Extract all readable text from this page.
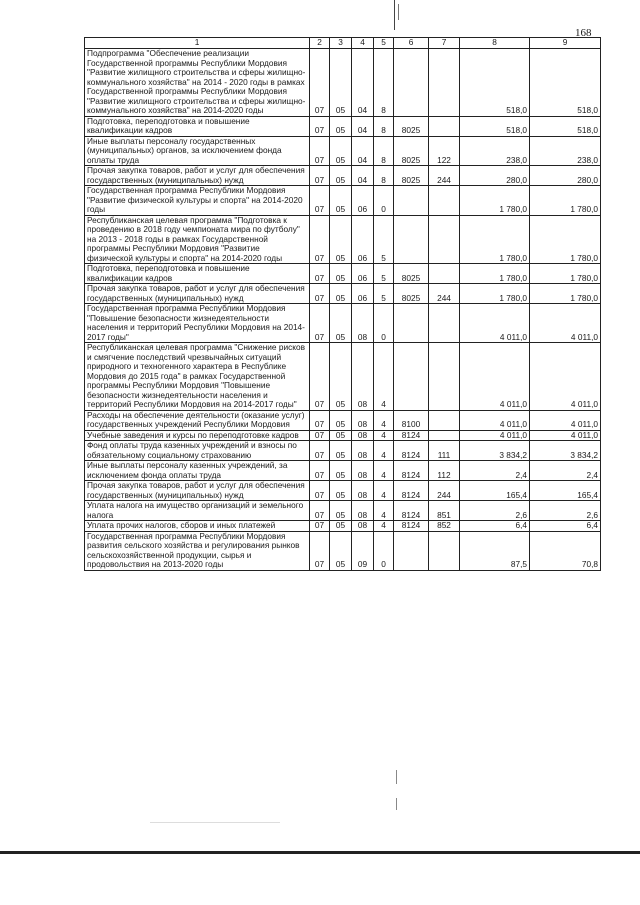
168
1	2	3	4	5	6	7	8	9
Подпрограмма "Обеспечение реализации Государственной программы Республики Мордовия "Развитие жилищного строительства и сферы жилищно-коммунального хозяйства" на 2014 - 2020 годы в рамках Государственной программы Республики Мордовия "Развитие жилищного строительства и сферы жилищно-коммунального хозяйства" на 2014-2020 годы	07	05	04	8			518,0	518,0
Подготовка, переподготовка и повышение квалификации кадров	07	05	04	8	8025		518,0	518,0
Иные выплаты персоналу государственных (муниципальных) органов, за исключением фонда оплаты труда	07	05	04	8	8025	122	238,0	238,0
Прочая закупка товаров, работ и услуг для обеспечения государственных (муниципальных) нужд	07	05	04	8	8025	244	280,0	280,0
Государственная программа Республики Мордовия "Развитие физической культуры и спорта" на 2014-2020 годы	07	05	06	0			1 780,0	1 780,0
Республиканская целевая программа "Подготовка к проведению в 2018 году чемпионата мира по футболу" на 2013 - 2018 годы в рамках Государственной программы Республики Мордовия "Развитие физической культуры и спорта" на 2014-2020 годы	07	05	06	5			1 780,0	1 780,0
Подготовка, переподготовка и повышение квалификации кадров	07	05	06	5	8025		1 780,0	1 780,0
Прочая закупка товаров, работ и услуг для обеспечения государственных (муниципальных) нужд	07	05	06	5	8025	244	1 780,0	1 780,0
Государственная программа Республики Мордовия "Повышение безопасности жизнедеятельности населения и территорий Республики Мордовия на 2014-2017 годы"	07	05	08	0			4 011,0	4 011,0
Республиканская целевая программа "Снижение рисков и смягчение последствий чрезвычайных ситуаций природного и техногенного характера в Республике Мордовия до 2015 года" в рамках Государственной программы Республики Мордовия "Повышение безопасности жизнедеятельности населения и территорий Республики Мордовия на 2014-2017 годы"	07	05	08	4			4 011,0	4 011,0
Расходы на обеспечение деятельности (оказание услуг) государственных учреждений Республики Мордовия	07	05	08	4	8100		4 011,0	4 011,0
Учебные заведения и курсы по переподготовке кадров	07	05	08	4	8124		4 011,0	4 011,0
Фонд оплаты труда казенных учреждений и взносы по обязательному социальному страхованию	07	05	08	4	8124	111	3 834,2	3 834,2
Иные выплаты персоналу казенных учреждений, за исключением фонда оплаты труда	07	05	08	4	8124	112	2,4	2,4
Прочая закупка товаров, работ и услуг для обеспечения государственных (муниципальных) нужд	07	05	08	4	8124	244	165,4	165,4
Уплата налога на имущество организаций и земельного налога	07	05	08	4	8124	851	2,6	2,6
Уплата прочих налогов, сборов и иных платежей	07	05	08	4	8124	852	6,4	6,4
Государственная программа Республики Мордовия развития сельского хозяйства и регулирования рынков сельскохозяйственной продукции, сырья и продовольствия на 2013-2020 годы	07	05	09	0			87,5	70,8
